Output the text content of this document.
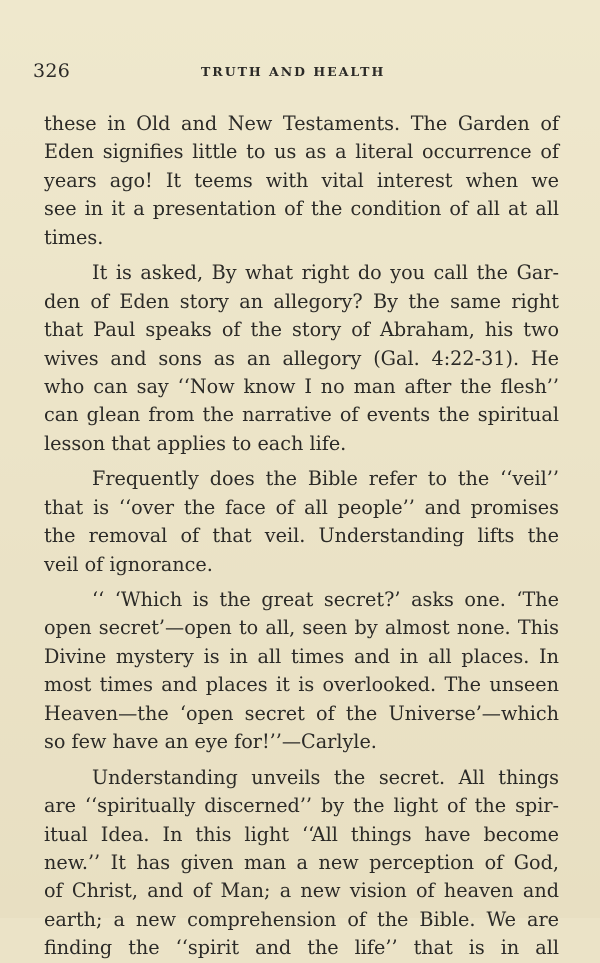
326	TRUTH AND HEALTH
these in Old and New Testaments. The Garden of
Eden signifies little to us as a literal occurrence of
years ago! It teems with vital interest when we
see in it a presentation of the condition of all at all
times.
It is asked, By what right do you call the Gar-
den of Eden story an allegory? By the same right
that Paul speaks of the story of Abraham, his two
wives and sons as an allegory (Gal. 4:22-31). He
who can say ‘‘Now know I no man after the flesh’’
can glean from the narrative of events the spiritual
lesson that applies to each life.
Frequently does the Bible refer to the ‘‘veil’’
that is ‘‘over the face of all people’’ and promises
the removal of that veil. Understanding lifts the
veil of ignorance.
‘‘ ‘Which is the great secret?’ asks one. ‘The
open secret’—open to all, seen by almost none. This
Divine mystery is in all times and in all places. In
most times and places it is overlooked. The unseen
Heaven—the ‘open secret of the Universe’—which
so few have an eye for!’’—Carlyle.
Understanding unveils the secret. All things
are ‘‘spiritually discerned’’ by the light of the spir-
itual Idea. In this light ‘‘All things have become
new.’’ It has given man a new perception of God,
of Christ, and of Man; a new vision of heaven and
earth; a new comprehension of the Bible. We are
finding the ‘‘spirit and the life’’ that is in all
